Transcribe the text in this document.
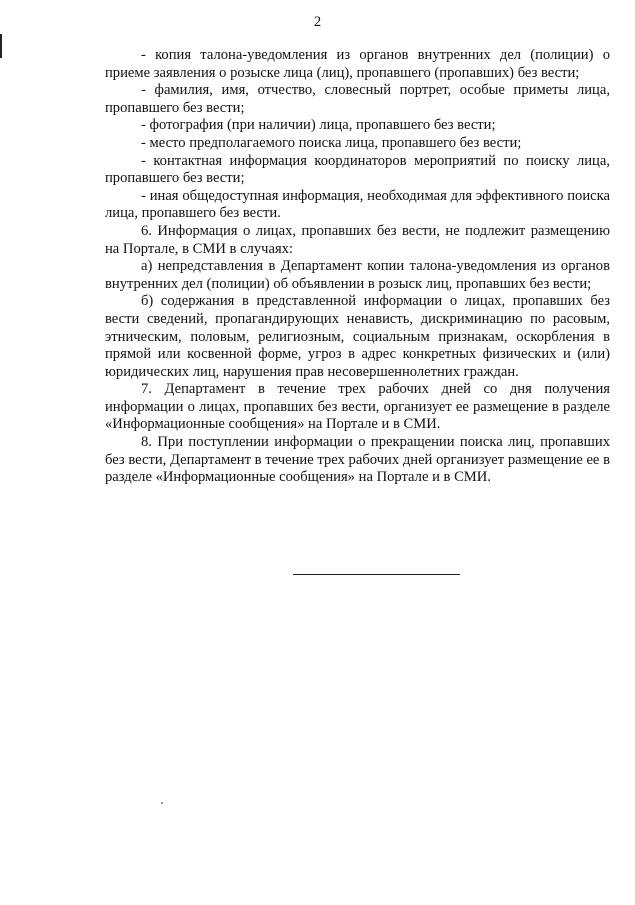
2

- копия талона-уведомления из органов внутренних дел (полиции) о приеме заявления о розыске лица (лиц), пропавшего (пропавших) без вести;

- фамилия, имя, отчество, словесный портрет, особые приметы лица, пропавшего без вести;

- фотография (при наличии) лица, пропавшего без вести;

- место предполагаемого поиска лица, пропавшего без вести;

- контактная информация координаторов мероприятий по поиску лица, пропавшего без вести;

- иная общедоступная информация, необходимая для эффективного поиска лица, пропавшего без вести.

6. Информация о лицах, пропавших без вести, не подлежит размещению на Портале, в СМИ в случаях:

а) непредставления в Департамент копии талона-уведомления из органов внутренних дел (полиции) об объявлении в розыск лиц, пропавших без вести;

б) содержания в представленной информации о лицах, пропавших без вести сведений, пропагандирующих ненависть, дискриминацию по расовым, этническим, половым, религиозным, социальным признакам, оскорбления в прямой или косвенной форме, угроз в адрес конкретных физических и (или) юридических лиц, нарушения прав несовершеннолетних граждан.

7. Департамент в течение трех рабочих дней со дня получения информации о лицах, пропавших без вести, организует ее размещение в разделе «Информационные сообщения» на Портале и в СМИ.

8. При поступлении информации о прекращении поиска лиц, пропавших без вести, Департамент в течение трех рабочих дней организует размещение ее в разделе «Информационные сообщения» на Портале и в СМИ.
